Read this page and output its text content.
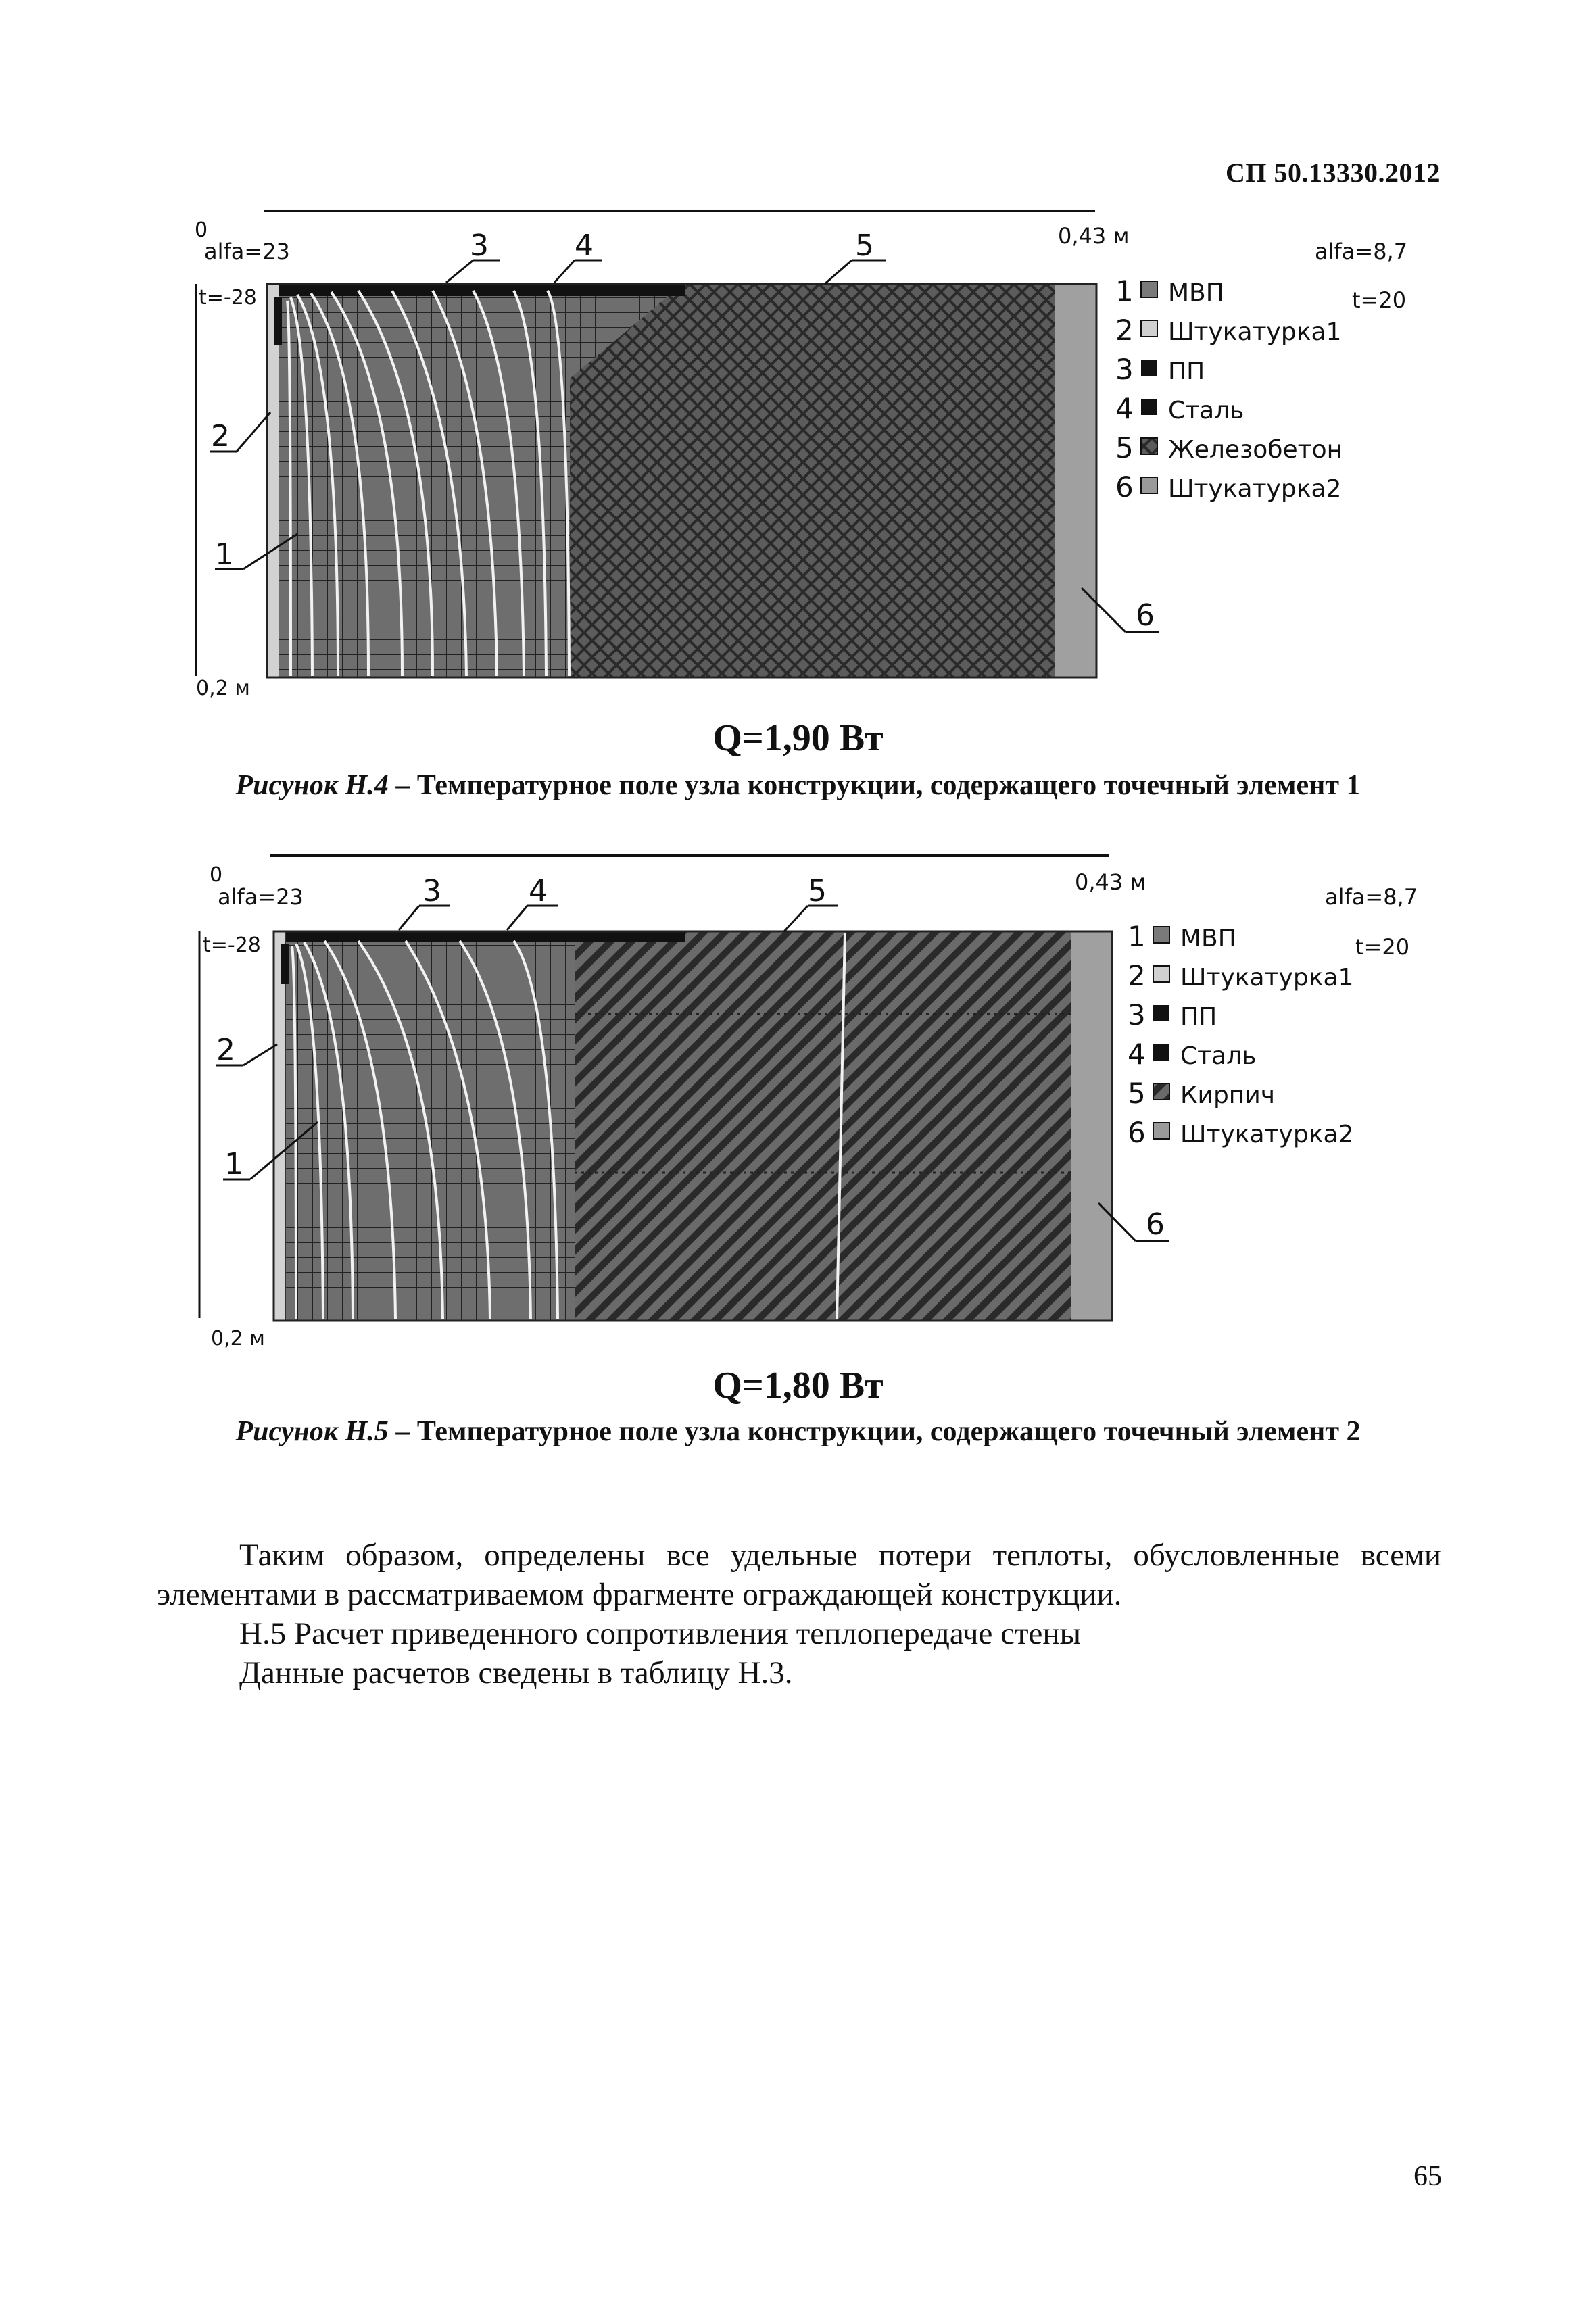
СП 50.13330.2012
0	0,43 м
alfa=23
t=-28
alfa=8,7
t=20
0,2 м
3	4	5
2
1
6
1 МВП
2 Штукатурка1
3 ПП
4 Сталь
5 Железобетон
6 Штукатурка2
Q=1,90 Вт
Рисунок Н.4 – Температурное поле узла конструкции, содержащего точечный элемент 1
0	0,43 м
alfa=23
t=-28
alfa=8,7
t=20
0,2 м
3	4	5
2
1
6
1 МВП
2 Штукатурка1
3 ПП
4 Сталь
5 Кирпич
6 Штукатурка2
Q=1,80 Вт
Рисунок Н.5 – Температурное поле узла конструкции, содержащего точечный элемент 2

Таким образом, определены все удельные потери теплоты, обусловленные всеми

элементами в рассматриваемом фрагменте ограждающей конструкции.

Н.5 Расчет приведенного сопротивления теплопередаче стены

Данные расчетов сведены в таблицу Н.3.

65
